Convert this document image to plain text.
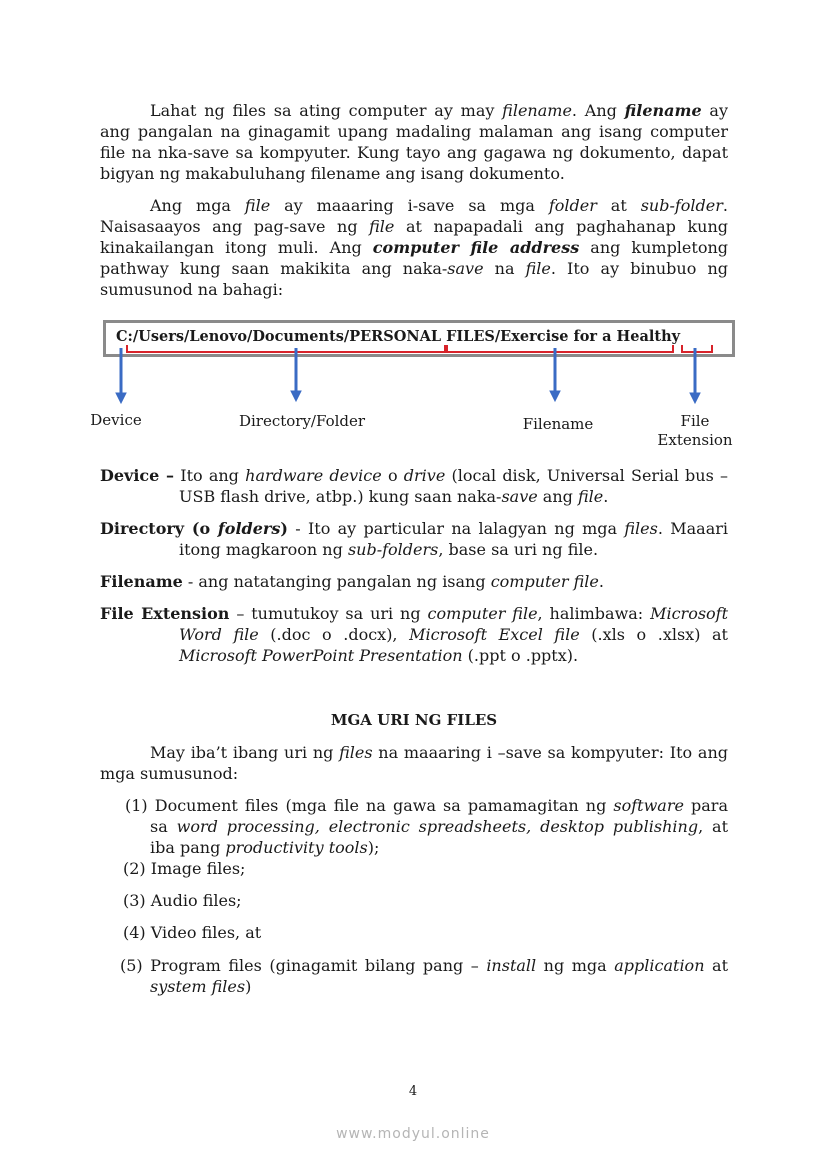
Lahat ng files sa ating computer ay may filename. Ang filename ay ang pangalan na ginagamit upang madaling malaman ang isang computer file na nka-save sa kompyuter. Kung tayo ang gagawa ng dokumento, dapat bigyan ng makabuluhang filename ang isang dokumento.
Ang mga file ay maaaring i-save sa mga folder at sub-folder. Naisasaayos ang pag-save ng file at napapadali ang paghahanap kung kinakailangan itong muli. Ang computer file address ang kumpletong pathway kung saan makikita ang naka-save na file. Ito ay binubuo ng sumusunod na bahagi:
C:/Users/Lenovo/Documents/PERSONAL FILES/Exercise for a Healthy
Device	Directory/Folder	Filename	File
Extension
Device – Ito ang hardware device o drive (local disk, Universal Serial bus – USB flash drive, atbp.) kung saan naka-save ang file.
Directory (o folders) - Ito ay particular na lalagyan ng mga files. Maaari itong magkaroon ng sub-folders, base sa uri ng file.
Filename - ang natatanging pangalan ng isang computer file.
File Extension – tumutukoy sa uri ng computer file, halimbawa: Microsoft Word file (.doc o .docx), Microsoft Excel file (.xls o .xlsx) at Microsoft PowerPoint Presentation (.ppt o .pptx).
MGA URI NG FILES
May iba’t ibang uri ng files na maaaring i –save sa kompyuter: Ito ang mga sumusunod:
(1) Document files (mga file na gawa sa pamamagitan ng software para sa word processing, electronic spreadsheets, desktop publishing, at iba pang productivity tools);
(2) Image files;
(3) Audio files;
(4) Video files, at
(5) Program files (ginagamit bilang pang – install ng mga application at system files)
4
www.modyul.online
